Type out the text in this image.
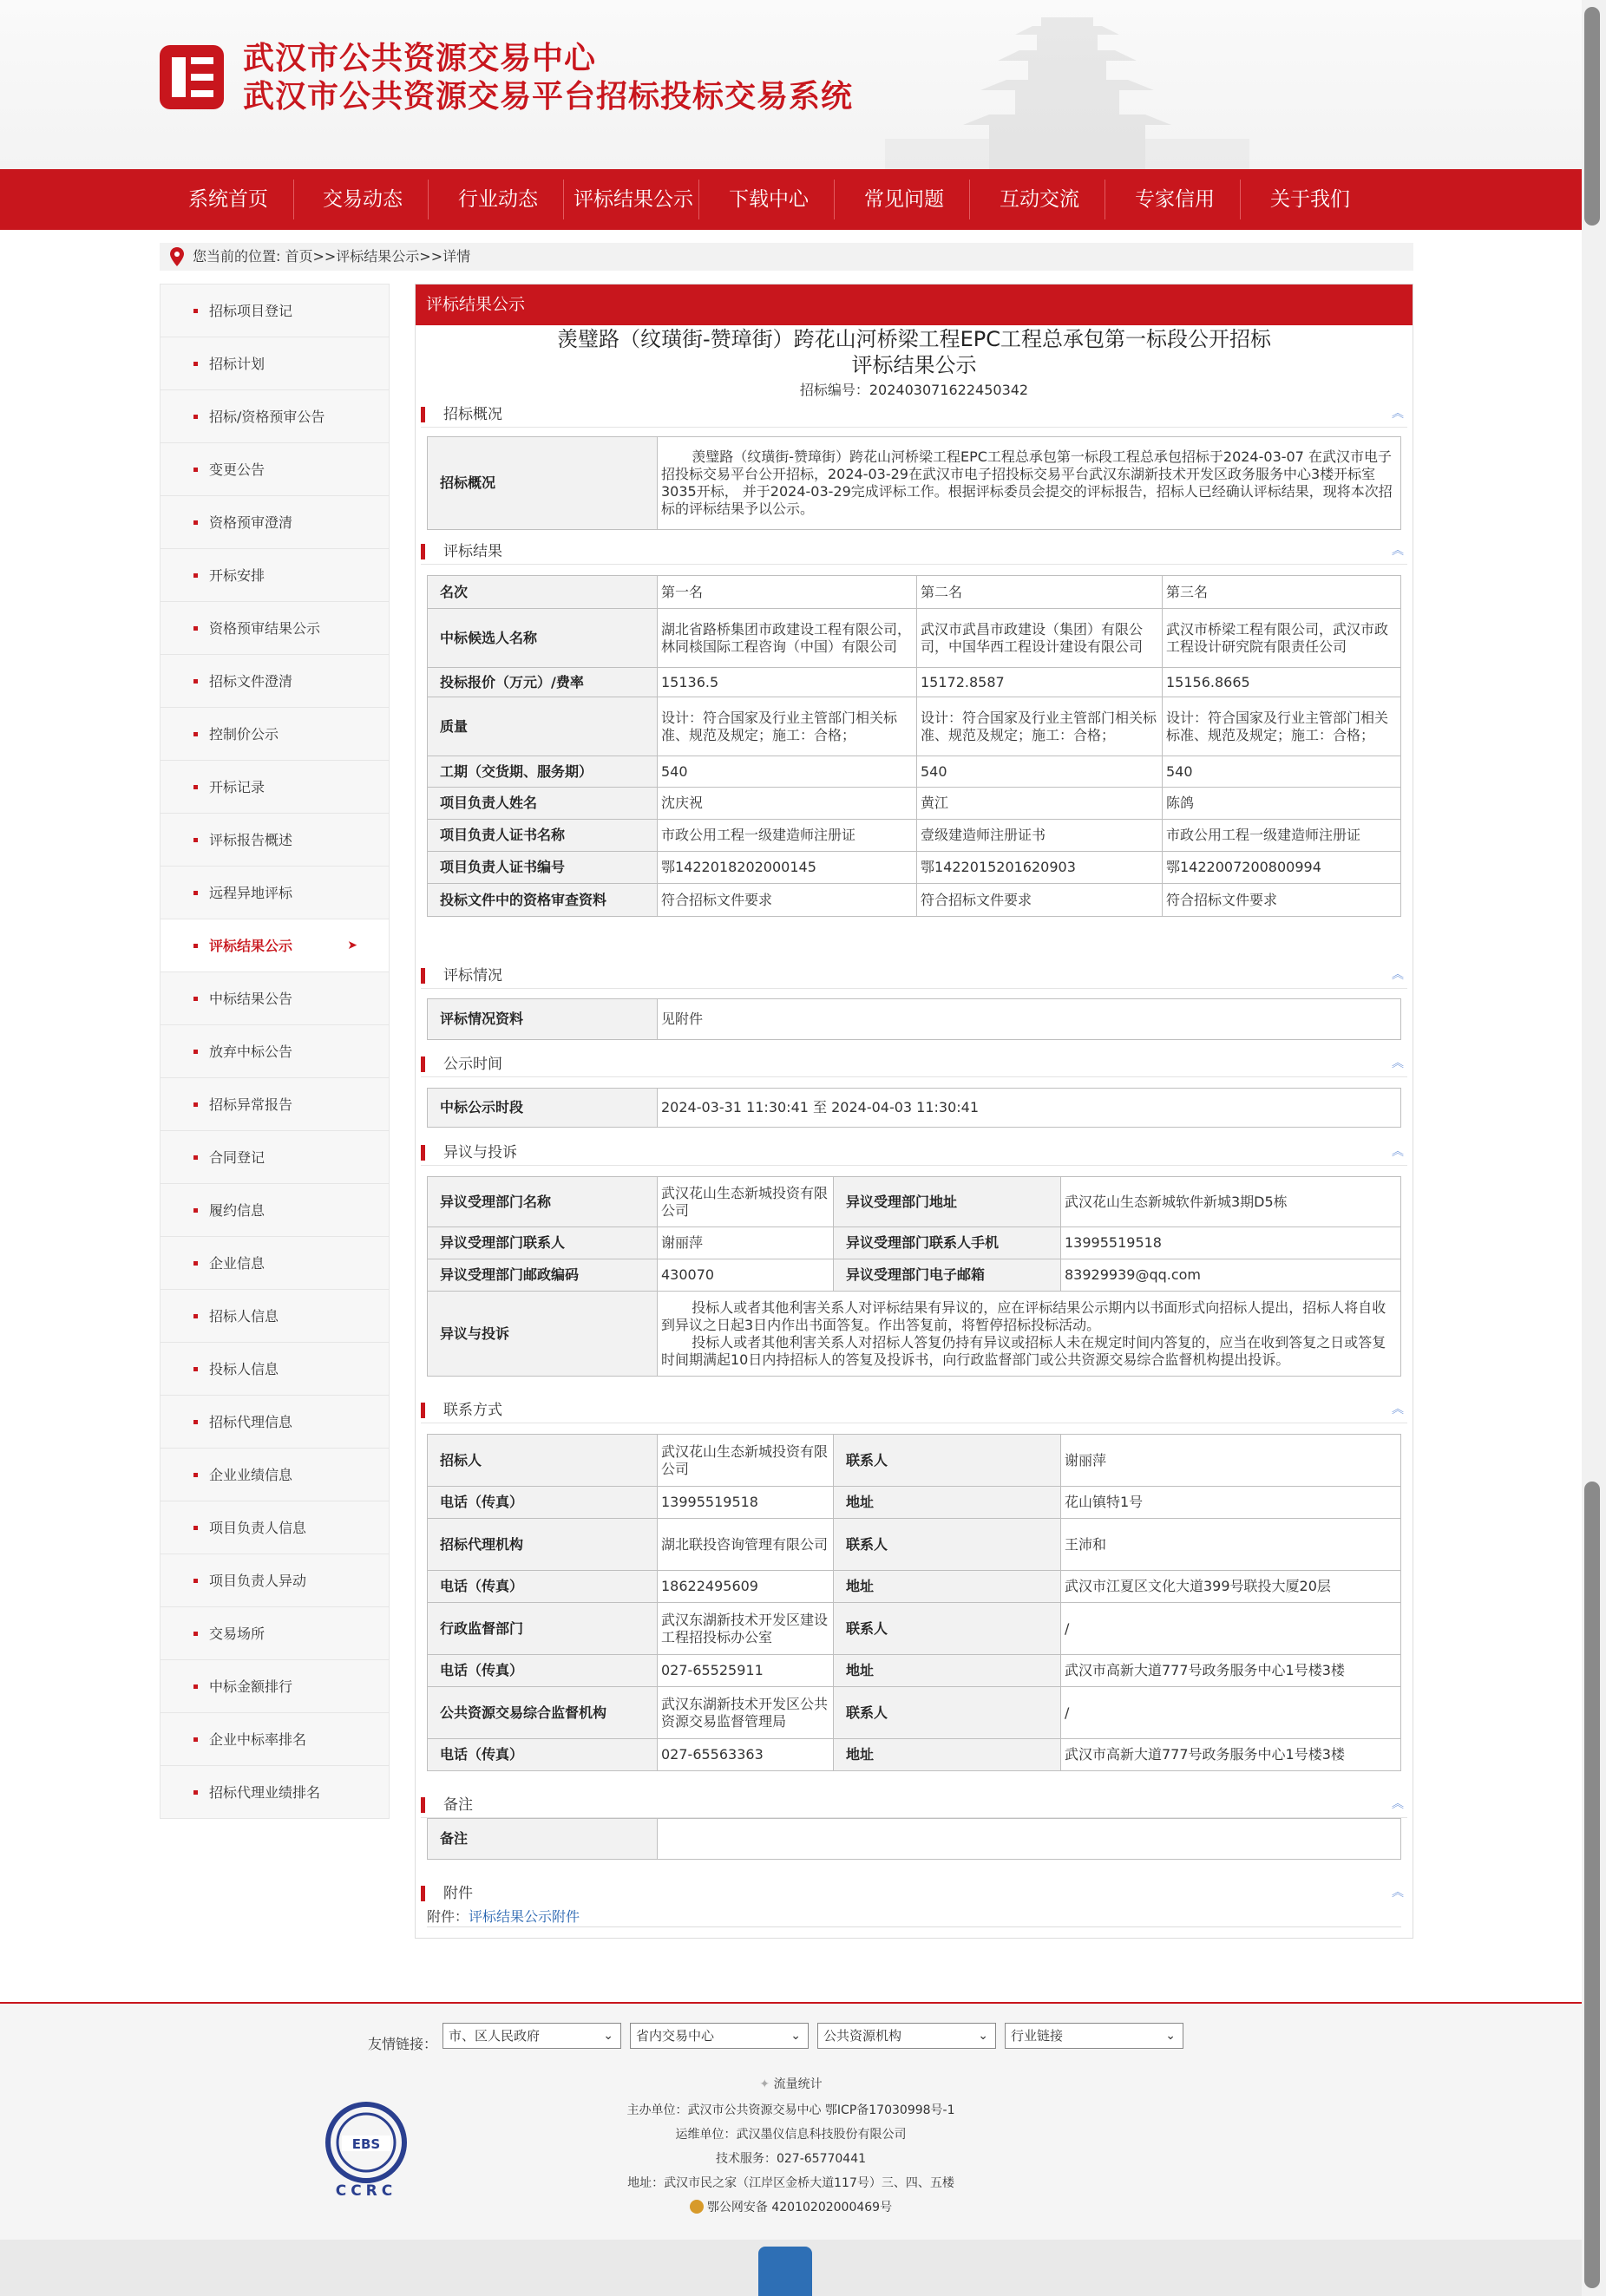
武汉市公共资源交易中心
武汉市公共资源交易平台招标投标交易系统
系统首页	交易动态	行业动态	评标结果公示	下载中心	常见问题	互动交流	专家信用	关于我们
您当前的位置: 首页>>评标结果公示>>详情
招标项目登记
招标计划
招标/资格预审公告
变更公告
资格预审澄清
开标安排
资格预审结果公示
招标文件澄清
控制价公示
开标记录
评标报告概述
远程异地评标
评标结果公示	➤
中标结果公告
放弃中标公告
招标异常报告
合同登记
履约信息
企业信息
招标人信息
投标人信息
招标代理信息
企业业绩信息
项目负责人信息
项目负责人异动
交易场所
中标金额排行
企业中标率排名
招标代理业绩排名
评标结果公示
羡璧路（纹璜街-赞璋街）跨花山河桥梁工程EPC工程总承包第一标段公开招标
评标结果公示
招标编号：202403071622450342
招标概况	︽
招标概况	羡璧路（纹璜街-赞璋街）跨花山河桥梁工程EPC工程总承包第一标段工程总承包招标于2024-03-07 在武汉市电子招投标交易平台公开招标，2024-03-29在武汉市电子招投标交易平台武汉东湖新技术开发区政务服务中心3楼开标室3035开标， 并于2024-03-29完成评标工作。根据评标委员会提交的评标报告，招标人已经确认评标结果，现将本次招标的评标结果予以公示。
评标结果	︽
名次	第一名	第二名	第三名
中标候选人名称	湖北省路桥集团市政建设工程有限公司，林同棪国际工程咨询（中国）有限公司	武汉市武昌市政建设（集团）有限公司，中国华西工程设计建设有限公司	武汉市桥梁工程有限公司，武汉市政工程设计研究院有限责任公司
投标报价（万元）/费率	15136.5	15172.8587	15156.8665
质量	设计：符合国家及行业主管部门相关标准、规范及规定；施工：合格；	设计：符合国家及行业主管部门相关标准、规范及规定；施工：合格；	设计：符合国家及行业主管部门相关标准、规范及规定；施工：合格；
工期（交货期、服务期）	540	540	540
项目负责人姓名	沈庆祝	黄江	陈鸽
项目负责人证书名称	市政公用工程一级建造师注册证	壹级建造师注册证书	市政公用工程一级建造师注册证
项目负责人证书编号	鄂1422018202000145	鄂1422015201620903	鄂1422007200800994
投标文件中的资格审查资料	符合招标文件要求	符合招标文件要求	符合招标文件要求
评标情况	︽
评标情况资料	见附件
公示时间	︽
中标公示时段	2024-03-31 11:30:41 至 2024-04-03 11:30:41
异议与投诉	︽
异议受理部门名称	武汉花山生态新城投资有限公司	异议受理部门地址	武汉花山生态新城软件新城3期D5栋
异议受理部门联系人	谢丽萍	异议受理部门联系人手机	13995519518
异议受理部门邮政编码	430070	异议受理部门电子邮箱	83929939@qq.com
异议与投诉	投标人或者其他利害关系人对评标结果有异议的，应在评标结果公示期内以书面形式向招标人提出，招标人将自收到异议之日起3日内作出书面答复。作出答复前，将暂停招标投标活动。
投标人或者其他利害关系人对招标人答复仍持有异议或招标人未在规定时间内答复的，应当在收到答复之日或答复时间期满起10日内持招标人的答复及投诉书，向行政监督部门或公共资源交易综合监督机构提出投诉。		
联系方式	︽
招标人	武汉花山生态新城投资有限公司	联系人	谢丽萍
电话（传真）	13995519518	地址	花山镇特1号
招标代理机构	湖北联投咨询管理有限公司	联系人	王沛和
电话（传真）	18622495609	地址	武汉市江夏区文化大道399号联投大厦20层
行政监督部门	武汉东湖新技术开发区建设工程招投标办公室	联系人	/
电话（传真）	027-65525911	地址	武汉市高新大道777号政务服务中心1号楼3楼
公共资源交易综合监督机构	武汉东湖新技术开发区公共资源交易监督管理局	联系人	/
电话（传真）	027-65563363	地址	武汉市高新大道777号政务服务中心1号楼3楼
备注	︽
备注	
附件	︽
附件：评标结果公示附件
友情链接： 市、区人民政府	⌄	省内交易中心	⌄	公共资源机构	⌄	行业链接	⌄
✦ 流量统计
主办单位：武汉市公共资源交易中心 鄂ICP备17030998号-1
运维单位：武汉墨仪信息科技股份有限公司
技术服务：027-65770441
地址：武汉市民之家（江岸区金桥大道117号）三、四、五楼
鄂公网安备 42010202000469号
EBS
CCRC
